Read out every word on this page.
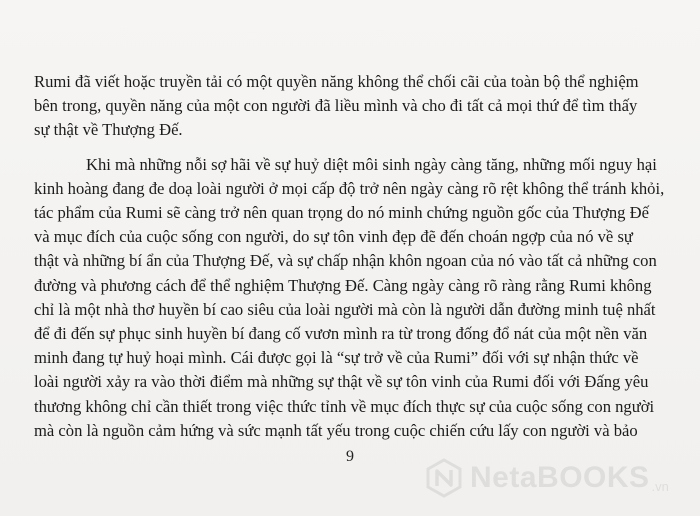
Rumi đã viết hoặc truyền tải có một quyền năng không thể chối cãi của toàn bộ thể nghiệm
bên trong, quyền năng của một con người đã liều mình và cho đi tất cả mọi thứ để tìm thấy
sự thật về Thượng Đế.

Khi mà những nỗi sợ hãi về sự huỷ diệt môi sinh ngày càng tăng, những mối nguy hại
kinh hoàng đang đe doạ loài người ở mọi cấp độ trở nên ngày càng rõ rệt không thể tránh khỏi,
tác phẩm của Rumi sẽ càng trở nên quan trọng do nó minh chứng nguồn gốc của Thượng Đế
và mục đích của cuộc sống con người, do sự tôn vinh đẹp đẽ đến choán ngợp của nó về sự
thật và những bí ẩn của Thượng Đế, và sự chấp nhận khôn ngoan của nó vào tất cả những con
đường và phương cách để thể nghiệm Thượng Đế. Càng ngày càng rõ ràng rằng Rumi không
chỉ là một nhà thơ huyền bí cao siêu của loài người mà còn là người dẫn đường minh tuệ nhất
để đi đến sự phục sinh huyền bí đang cố vươn mình ra từ trong đống đổ nát của một nền văn
minh đang tự huỷ hoại mình. Cái được gọi là “sự trở về của Rumi” đối với sự nhận thức về
loài người xảy ra vào thời điểm mà những sự thật về sự tôn vinh của Rumi đối với Đấng yêu
thương không chỉ cần thiết trong việc thức tỉnh về mục đích thực sự của cuộc sống con người
mà còn là nguồn cảm hứng và sức mạnh tất yếu trong cuộc chiến cứu lấy con người và bảo

9
NetaBOOKS .vn
